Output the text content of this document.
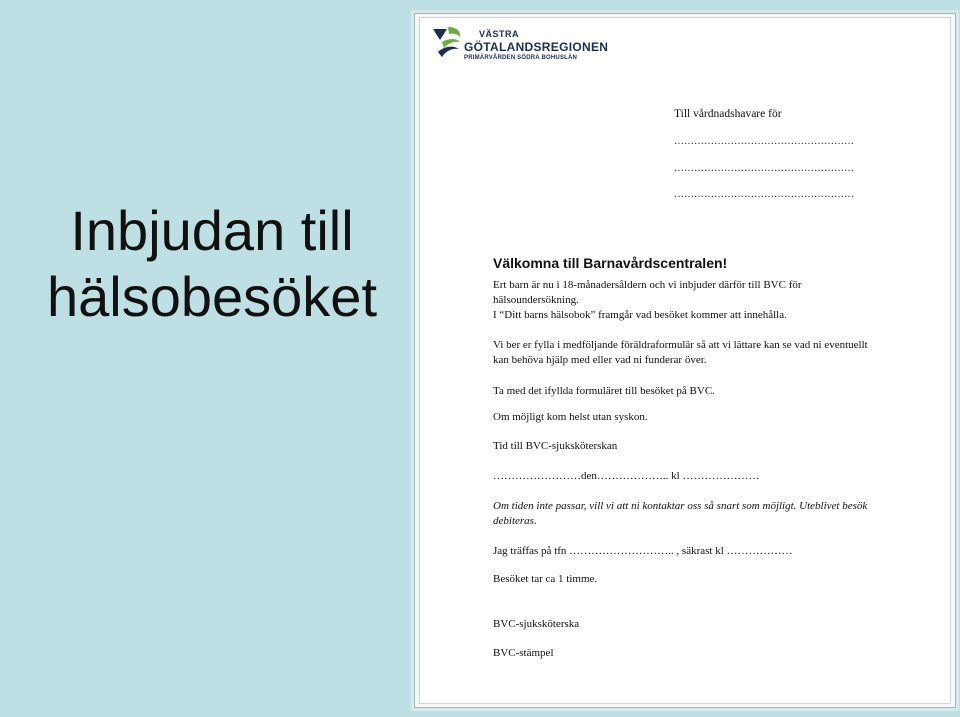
Inbjudan till
hälsobesöket
VÄSTRA
GÖTALANDSREGIONEN
PRIMÄRVÅRDEN SÖDRA BOHUSLÄN
Till vårdnadshavare för
………………………………………………
………………………………………………
………………………………………………
Välkomna till Barnavårdscentralen!
Ert barn är nu i 18-månadersåldern och vi inbjuder därför till BVC för hälsoundersökning.
I “Ditt barns hälsobok” framgår vad besöket kommer att innehålla.
Vi ber er fylla i medföljande föräldraformulär så att vi lättare kan se vad ni eventuellt kan behöva hjälp med eller vad ni funderar över.
Ta med det ifyllda formuläret till besöket på BVC.
Om möjligt kom helst utan syskon.
Tid till BVC-sjuksköterskan
……………………den……………….. kl …………………
Om tiden inte passar, vill vi att ni kontaktar oss så snart som möjligt. Uteblivet besök debiteras.
Jag träffas på tfn ……………………….. , säkrast kl ………………
Besöket tar ca 1 timme.
BVC-sjuksköterska
BVC-stämpel
